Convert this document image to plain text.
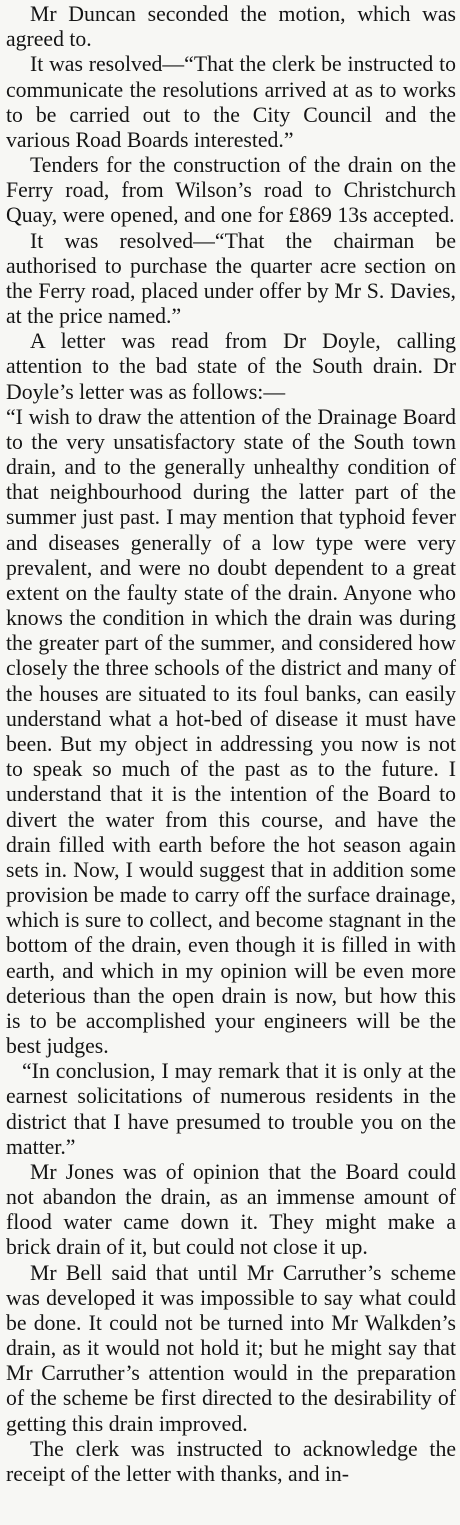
Mr Duncan seconded the motion, which was agreed to.

It was resolved—“That the clerk be instructed to communicate the resolutions arrived at as to works to be carried out to the City Council and the various Road Boards interested.”

Tenders for the construction of the drain on the Ferry road, from Wilson’s road to Christchurch Quay, were opened, and one for £869 13s accepted.

It was resolved—“That the chairman be authorised to purchase the quarter acre section on the Ferry road, placed under offer by Mr S. Davies, at the price named.”

A letter was read from Dr Doyle, calling attention to the bad state of the South drain. Dr Doyle’s letter was as follows:—

“I wish to draw the attention of the Drainage Board to the very unsatisfactory state of the South town drain, and to the generally unhealthy condition of that neighbourhood during the latter part of the summer just past. I may mention that typhoid fever and diseases generally of a low type were very prevalent, and were no doubt dependent to a great extent on the faulty state of the drain. Anyone who knows the condition in which the drain was during the greater part of the summer, and considered how closely the three schools of the district and many of the houses are situated to its foul banks, can easily understand what a hot-bed of disease it must have been. But my object in addressing you now is not to speak so much of the past as to the future. I understand that it is the intention of the Board to divert the water from this course, and have the drain filled with earth before the hot season again sets in. Now, I would suggest that in addition some provision be made to carry off the surface drainage, which is sure to collect, and become stagnant in the bottom of the drain, even though it is filled in with earth, and which in my opinion will be even more deterious than the open drain is now, but how this is to be accomplished your engineers will be the best judges.

“In conclusion, I may remark that it is only at the earnest solicitations of numerous residents in the district that I have presumed to trouble you on the matter.”

Mr Jones was of opinion that the Board could not abandon the drain, as an immense amount of flood water came down it. They might make a brick drain of it, but could not close it up.

Mr Bell said that until Mr Carruther’s scheme was developed it was impossible to say what could be done. It could not be turned into Mr Walkden’s drain, as it would not hold it; but he might say that Mr Carruther’s attention would in the preparation of the scheme be first directed to the desirability of getting this drain improved.

The clerk was instructed to acknowledge the receipt of the letter with thanks, and in-
